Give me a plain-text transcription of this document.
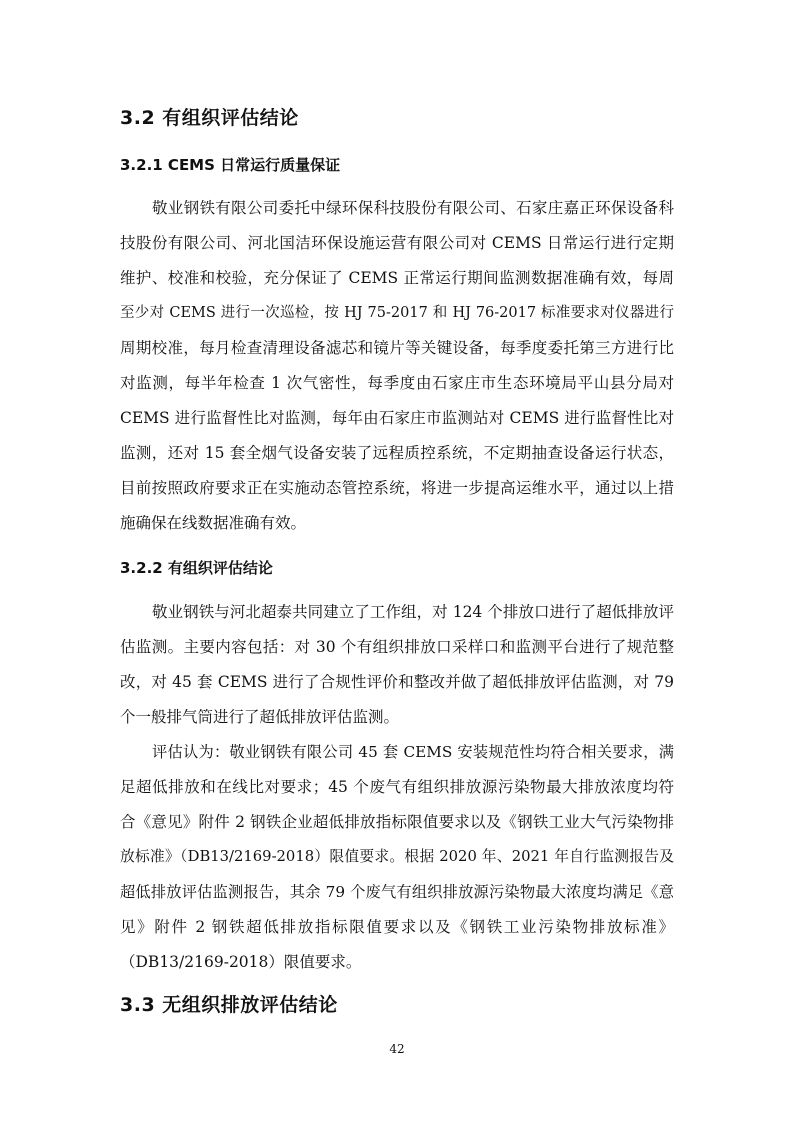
3.2 有组织评估结论
3.2.1 CEMS 日常运行质量保证
敬业钢铁有限公司委托中绿环保科技股份有限公司、石家庄嘉正环保设备科
技股份有限公司、河北国洁环保设施运营有限公司对 CEMS 日常运行进行定期
维护、校准和校验，充分保证了 CEMS 正常运行期间监测数据准确有效，每周
至少对 CEMS 进行一次巡检，按 HJ 75-2017 和 HJ 76-2017 标准要求对仪器进行
周期校准，每月检查清理设备滤芯和镜片等关键设备，每季度委托第三方进行比
对监测，每半年检查 1 次气密性，每季度由石家庄市生态环境局平山县分局对
CEMS 进行监督性比对监测，每年由石家庄市监测站对 CEMS 进行监督性比对
监测，还对 15 套全烟气设备安装了远程质控系统，不定期抽查设备运行状态，
目前按照政府要求正在实施动态管控系统，将进一步提高运维水平，通过以上措
施确保在线数据准确有效。
3.2.2 有组织评估结论
敬业钢铁与河北超泰共同建立了工作组，对 124 个排放口进行了超低排放评
估监测。主要内容包括：对 30 个有组织排放口采样口和监测平台进行了规范整
改，对 45 套 CEMS 进行了合规性评价和整改并做了超低排放评估监测，对 79
个一般排气筒进行了超低排放评估监测。
评估认为：敬业钢铁有限公司 45 套 CEMS 安装规范性均符合相关要求，满
足超低排放和在线比对要求；45 个废气有组织排放源污染物最大排放浓度均符
合《意见》附件 2 钢铁企业超低排放指标限值要求以及《钢铁工业大气污染物排
放标准》（DB13/2169-2018）限值要求。根据 2020 年、2021 年自行监测报告及
超低排放评估监测报告，其余 79 个废气有组织排放源污染物最大浓度均满足《意
见》附件 2 钢铁超低排放指标限值要求以及《钢铁工业污染物排放标准》
（DB13/2169-2018）限值要求。
3.3 无组织排放评估结论
42
